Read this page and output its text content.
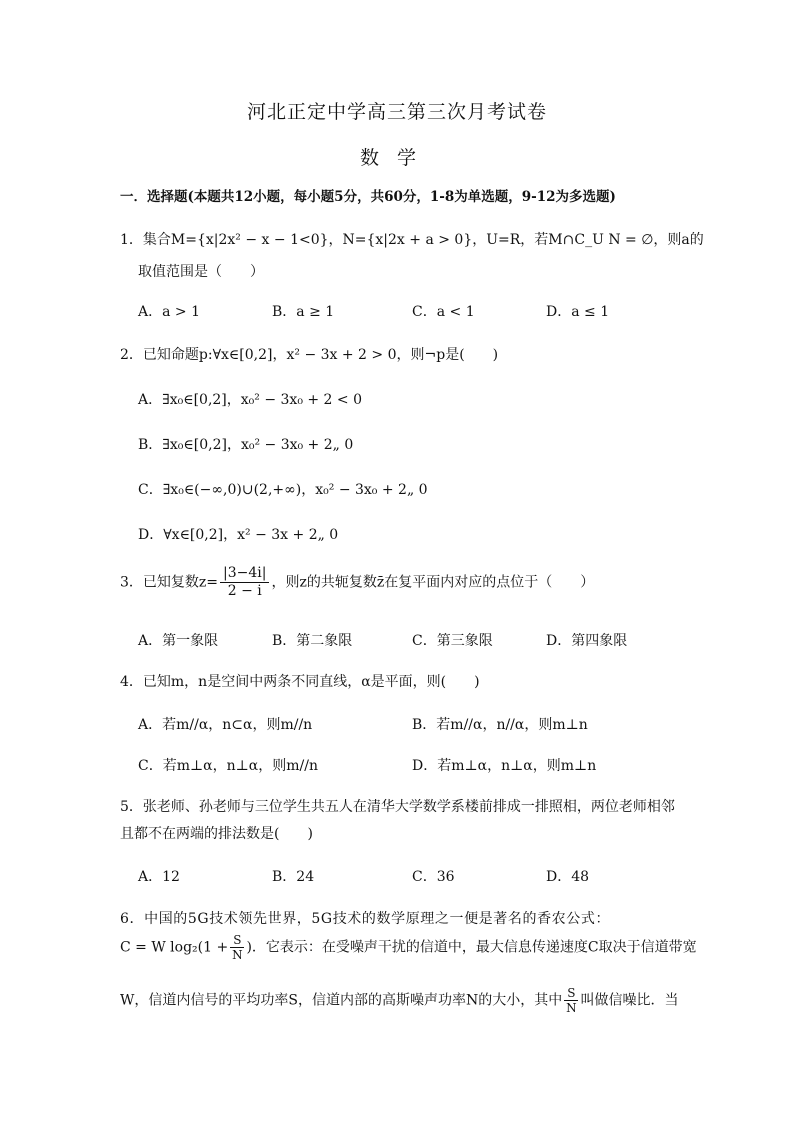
河北正定中学高三第三次月考试卷
数学
一．选择题(本题共12小题，每小题5分，共60分，1-8为单选题，9-12为多选题)
1．集合M={x|2x² − x − 1<0}，N={x|2x + a > 0}，U=R，若M∩C_U N = ∅，则a的
取值范围是（　　）
A．a > 1	B．a ≥ 1	C．a < 1	D．a ≤ 1
2．已知命题p:∀x∈[0,2]，x² − 3x + 2 > 0，则¬p是(　　)
A．∃x₀∈[0,2]，x₀² − 3x₀ + 2 < 0
B．∃x₀∈[0,2]，x₀² − 3x₀ + 2„ 0
C．∃x₀∈(−∞,0)∪(2,+∞)，x₀² − 3x₀ + 2„ 0
D．∀x∈[0,2]，x² − 3x + 2„ 0
3．已知复数$z= \frac{|3-4i|}{2 - i}$ ，则z的共轭复数z̄在复平面内对应的点位于（　　）
A．第一象限	B．第二象限	C．第三象限	D．第四象限
4．已知m，n是空间中两条不同直线，α是平面，则(　　)
A．若m//α，n⊂α，则m//n	B．若m//α，n//α，则m⊥n
C．若m⊥α，n⊥α，则m//n	D．若m⊥α，n⊥α，则m⊥n
5．张老师、孙老师与三位学生共五人在清华大学数学系楼前排成一排照相，两位老师相邻
且都不在两端的排法数是(　　)
A．12	B．24	C．36	D．48
6．中国的5G技术领先世界，5G技术的数学原理之一便是著名的香农公式：
C = W $\log_2(1 + \frac{S}{N}$ )．它表示：在受噪声干扰的信道中，最大信息传递速度C取决于信道带宽
W，信道内信号的平均功率S，信道内部的高斯噪声功率N的大小，其中 $\frac{S}{N}$ 叫做信噪比．当
